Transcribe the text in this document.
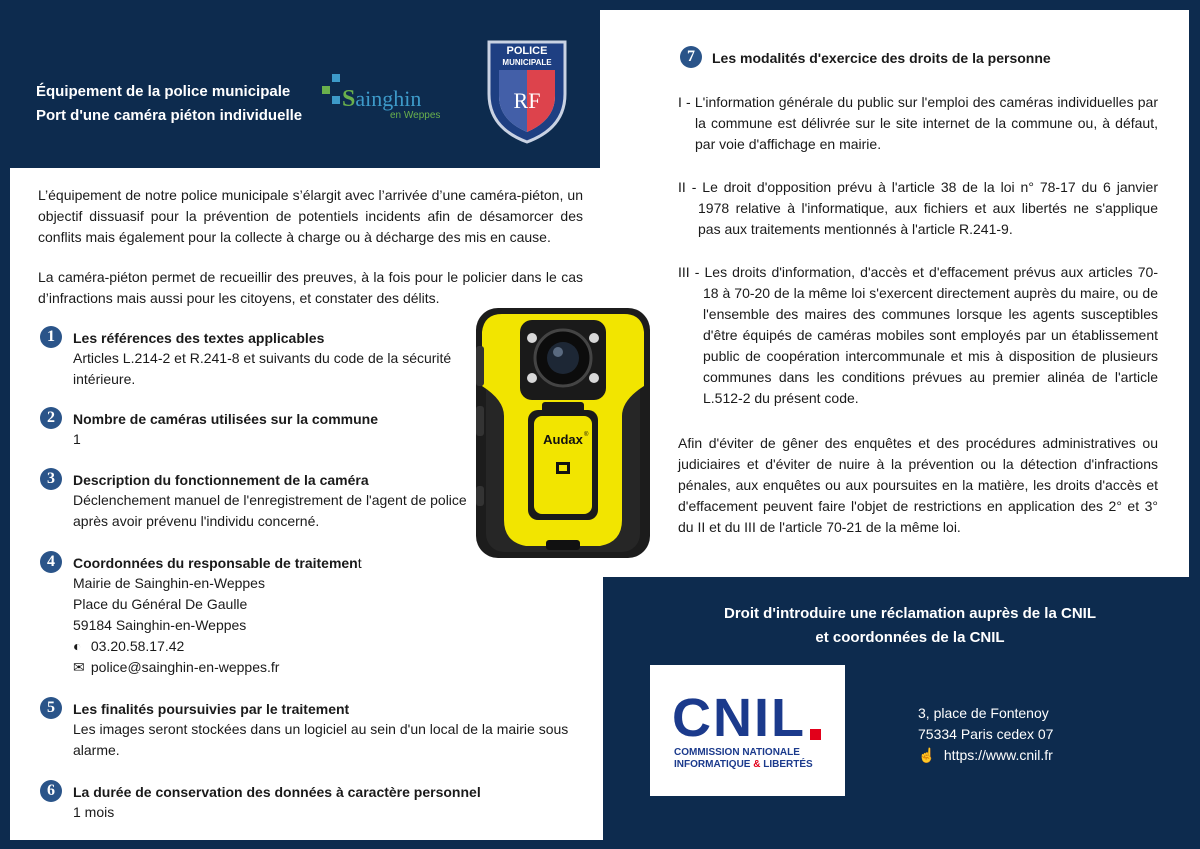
Équipement de la police municipale
Port d'une caméra piéton individuelle
Sainghin
en Weppes
POLICE
MUNICIPALE
RF
L’équipement de notre police municipale s’élargit avec l’arrivée d’une caméra-piéton, un objectif dissuasif pour la prévention de potentiels incidents afin de désamorcer des conflits mais également pour la collecte à charge ou à décharge des mis en cause.
La caméra-piéton permet de recueillir des preuves, à la fois pour le policier dans le cas d’infractions mais aussi pour les citoyens, et constater des délits.
1	Les références des textes applicables
Articles L.214-2 et R.241-8 et suivants du code de la sécurité
intérieure.
2	Nombre de caméras utilisées sur la commune
1
3	Description du fonctionnement de la caméra
Déclenchement manuel de l'enregistrement de l'agent de police
après avoir prévenu l'individu concerné.
4	Coordonnées du responsable de traitement
Mairie de Sainghin-en-Weppes
Place du Général De Gaulle
59184 Sainghin-en-Weppes
◐ 03.20.58.17.42
✉ police@sainghin-en-weppes.fr
5	Les finalités poursuivies par le traitement
Les images seront stockées dans un logiciel au sein d'un local de la mairie sous
alarme.
6	La durée de conservation des données à caractère personnel
1 mois
Audax ®
7	Les modalités d'exercice des droits de la personne
I - L'information générale du public sur l'emploi des caméras individuelles par la commune est délivrée sur le site internet de la commune ou, à défaut, par voie d'affichage en mairie.
II - Le droit d'opposition prévu à l'article 38 de la loi n° 78-17 du 6 janvier 1978 relative à l'informatique, aux fichiers et aux libertés ne s'applique pas aux traitements mentionnés à l'article R.241-9.
III - Les droits d'information, d'accès et d'effacement prévus aux articles 70-18 à 70-20 de la même loi s'exercent directement auprès du maire, ou de l'ensemble des maires des communes lorsque les agents susceptibles d'être équipés de caméras mobiles sont employés par un établissement public de coopération intercommunale et mis à disposition de plusieurs communes dans les conditions prévues au premier alinéa de l'article L.512-2 du présent code.
Afin d'éviter de gêner des enquêtes et des procédures administratives ou judiciaires et d'éviter de nuire à la prévention ou la détection d'infractions pénales, aux enquêtes ou aux poursuites en la matière, les droits d'accès et d'effacement peuvent faire l'objet de restrictions en application des 2° et 3° du II et du III de l'article 70-21 de la même loi.
Droit d'introduire une réclamation auprès de la CNIL
et coordonnées de la CNIL
CNIL
COMMISSION NATIONALE
INFORMATIQUE & LIBERTÉS
3, place de Fontenoy
75334 Paris cedex 07
☝ https://www.cnil.fr
